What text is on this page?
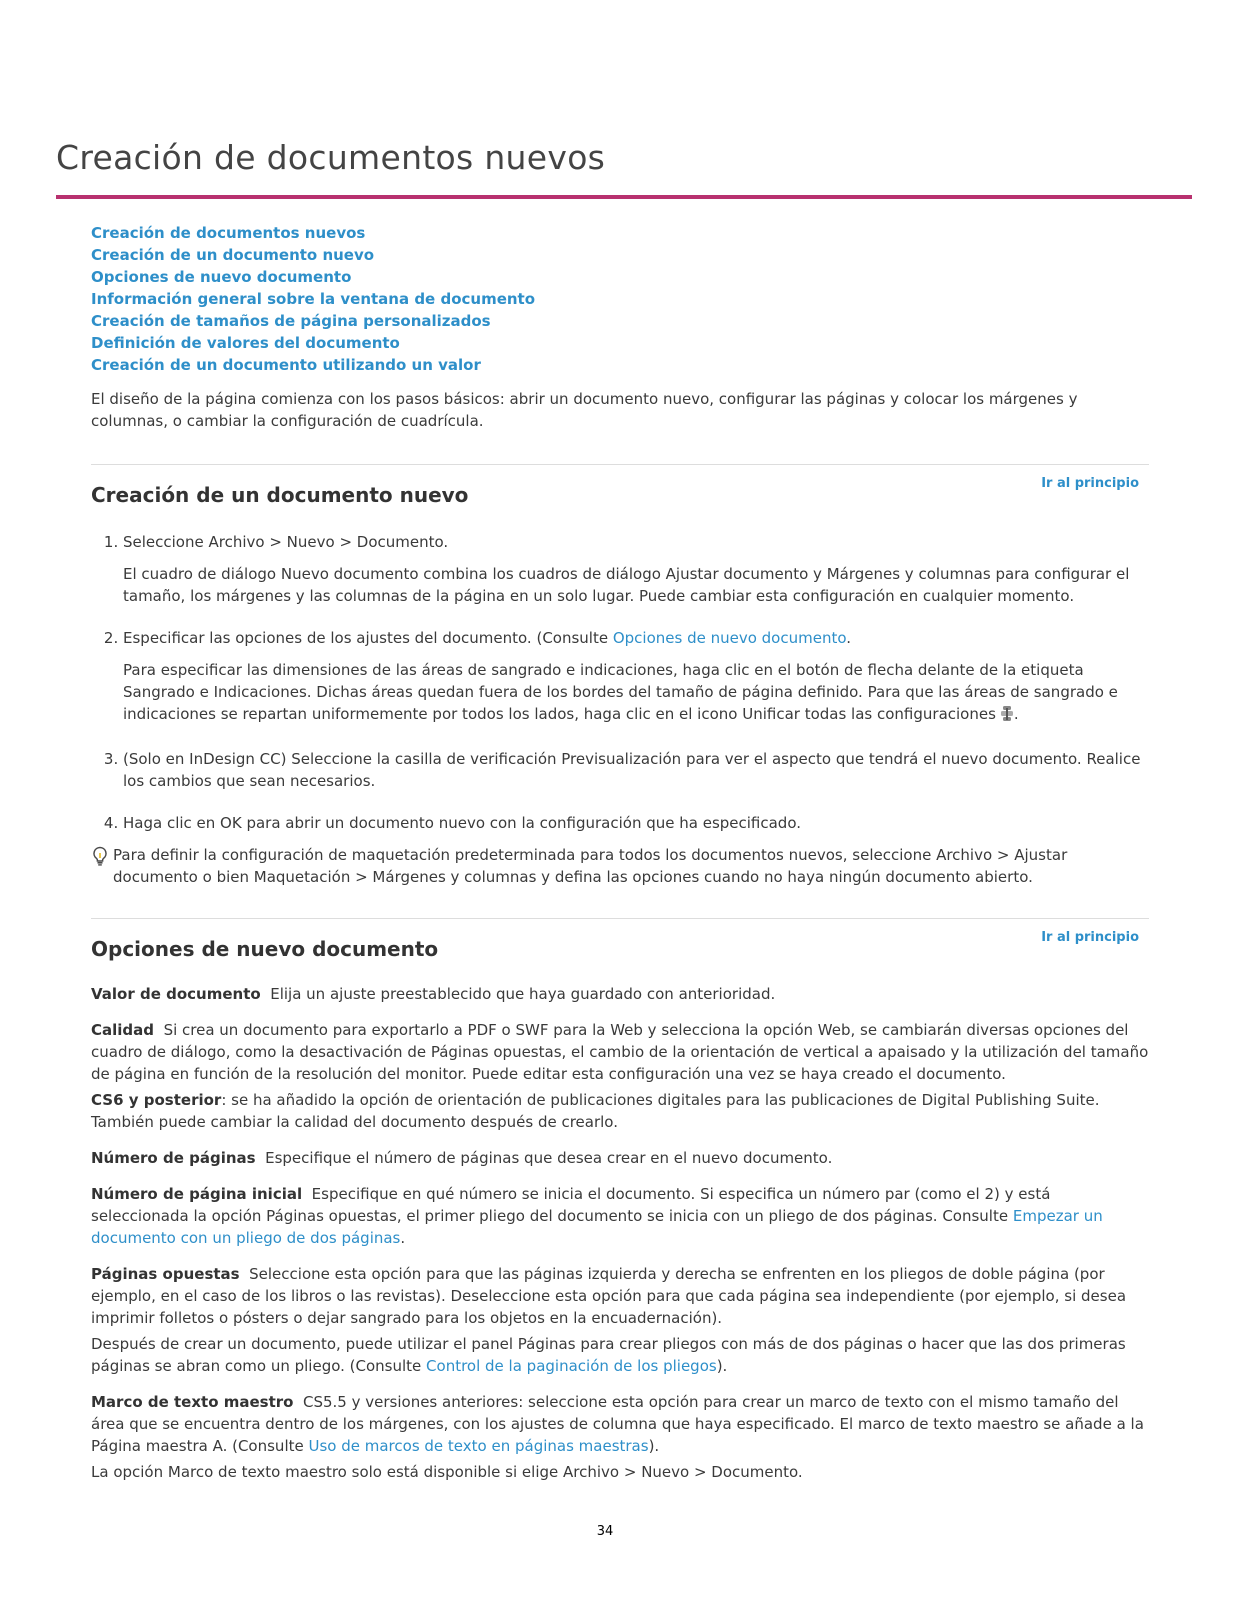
Creación de documentos nuevos
Creación de documentos nuevos
Creación de un documento nuevo
Opciones de nuevo documento
Información general sobre la ventana de documento
Creación de tamaños de página personalizados
Definición de valores del documento
Creación de un documento utilizando un valor

El diseño de la página comienza con los pasos básicos: abrir un documento nuevo, configurar las páginas y colocar los márgenes y columnas, o cambiar la configuración de cuadrícula.

Ir al principio
Creación de un documento nuevo

1. Seleccione Archivo > Nuevo > Documento.

El cuadro de diálogo Nuevo documento combina los cuadros de diálogo Ajustar documento y Márgenes y columnas para configurar el tamaño, los márgenes y las columnas de la página en un solo lugar. Puede cambiar esta configuración en cualquier momento.

2. Especificar las opciones de los ajustes del documento. (Consulte Opciones de nuevo documento.

Para especificar las dimensiones de las áreas de sangrado e indicaciones, haga clic en el botón de flecha delante de la etiqueta Sangrado e Indicaciones. Dichas áreas quedan fuera de los bordes del tamaño de página definido. Para que las áreas de sangrado e indicaciones se repartan uniformemente por todos los lados, haga clic en el icono Unificar todas las configuraciones .

3. (Solo en InDesign CC) Seleccione la casilla de verificación Previsualización para ver el aspecto que tendrá el nuevo documento. Realice los cambios que sean necesarios.

4. Haga clic en OK para abrir un documento nuevo con la configuración que ha especificado.

Para definir la configuración de maquetación predeterminada para todos los documentos nuevos, seleccione Archivo > Ajustar documento o bien Maquetación > Márgenes y columnas y defina las opciones cuando no haya ningún documento abierto.

Ir al principio
Opciones de nuevo documento

Valor de documento Elija un ajuste preestablecido que haya guardado con anterioridad.

Calidad Si crea un documento para exportarlo a PDF o SWF para la Web y selecciona la opción Web, se cambiarán diversas opciones del cuadro de diálogo, como la desactivación de Páginas opuestas, el cambio de la orientación de vertical a apaisado y la utilización del tamaño de página en función de la resolución del monitor. Puede editar esta configuración una vez se haya creado el documento.

CS6 y posterior: se ha añadido la opción de orientación de publicaciones digitales para las publicaciones de Digital Publishing Suite. También puede cambiar la calidad del documento después de crearlo.

Número de páginas Especifique el número de páginas que desea crear en el nuevo documento.

Número de página inicial Especifique en qué número se inicia el documento. Si especifica un número par (como el 2) y está seleccionada la opción Páginas opuestas, el primer pliego del documento se inicia con un pliego de dos páginas. Consulte Empezar un documento con un pliego de dos páginas.

Páginas opuestas Seleccione esta opción para que las páginas izquierda y derecha se enfrenten en los pliegos de doble página (por ejemplo, en el caso de los libros o las revistas). Deseleccione esta opción para que cada página sea independiente (por ejemplo, si desea imprimir folletos o pósters o dejar sangrado para los objetos en la encuadernación).

Después de crear un documento, puede utilizar el panel Páginas para crear pliegos con más de dos páginas o hacer que las dos primeras páginas se abran como un pliego. (Consulte Control de la paginación de los pliegos).

Marco de texto maestro CS5.5 y versiones anteriores: seleccione esta opción para crear un marco de texto con el mismo tamaño del área que se encuentra dentro de los márgenes, con los ajustes de columna que haya especificado. El marco de texto maestro se añade a la Página maestra A. (Consulte Uso de marcos de texto en páginas maestras).

La opción Marco de texto maestro solo está disponible si elige Archivo > Nuevo > Documento.

34
